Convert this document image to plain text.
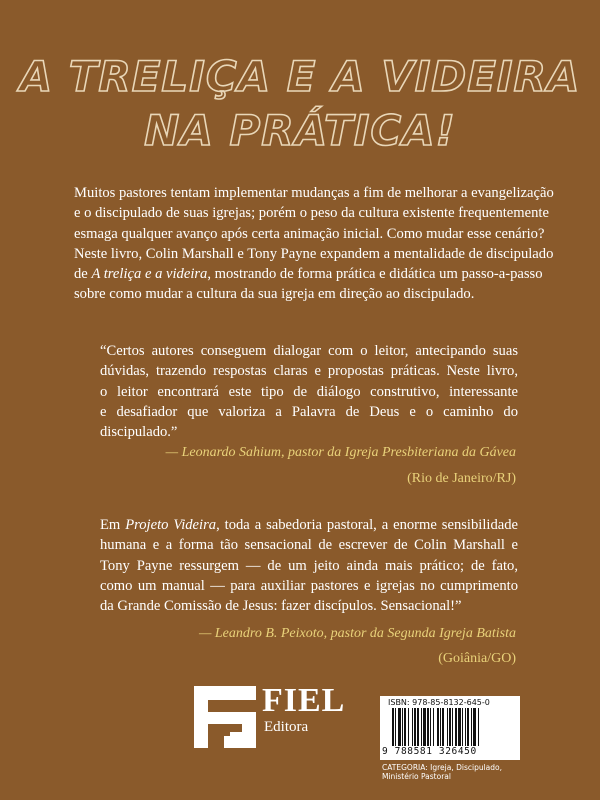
A TRELIÇA E A VIDEIRA
NA PRÁTICA!
Muitos pastores tentam implementar mudanças a fim de melhorar a evangelização
e o discipulado de suas igrejas; porém o peso da cultura existente frequentemente
esmaga qualquer avanço após certa animação inicial. Como mudar esse cenário?
Neste livro, Colin Marshall e Tony Payne expandem a mentalidade de discipulado
de A treliça e a videira, mostrando de forma prática e didática um passo-a-passo
sobre como mudar a cultura da sua igreja em direção ao discipulado.
“Certos autores conseguem dialogar com o leitor, antecipando suas
dúvidas, trazendo respostas claras e propostas práticas. Neste livro,
o leitor encontrará este tipo de diálogo construtivo, interessante
e desafiador que valoriza a Palavra de Deus e o caminho do
discipulado.”
— Leonardo Sahium, pastor da Igreja Presbiteriana da Gávea
(Rio de Janeiro/RJ)
Em Projeto Videira, toda a sabedoria pastoral, a enorme sensibilidade
humana e a forma tão sensacional de escrever de Colin Marshall e
Tony Payne ressurgem — de um jeito ainda mais prático; de fato,
como um manual — para auxiliar pastores e igrejas no cumprimento
da Grande Comissão de Jesus: fazer discípulos. Sensacional!”
— Leandro B. Peixoto, pastor da Segunda Igreja Batista
(Goiânia/GO)
FIEL
Editora
ISBN: 978-85-8132-645-0
9 788581 326450
CATEGORIA: Igreja, Discipulado,
Ministério Pastoral
